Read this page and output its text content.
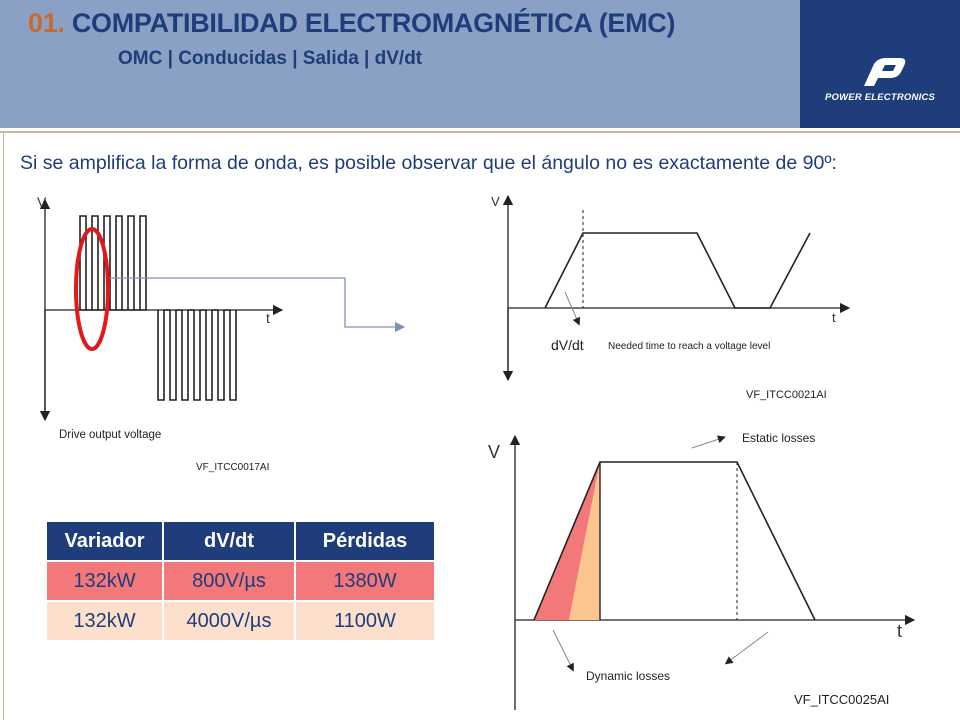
01. COMPATIBILIDAD ELECTROMAGNÉTICA (EMC)
OMC | Conducidas | Salida | dV/dt
POWER ELECTRONICS
Si se amplifica la forma de onda, es posible observar que el ángulo no es exactamente de 90º:
V
t
Drive output voltage
VF_ITCC0017AI
V
t
dV/dt Needed time to reach a voltage level
VF_ITCC0021AI
V
t
Estatic losses
Dynamic losses
VF_ITCC0025AI
Variador	dV/dt	Pérdidas
132kW	800V/µs	1380W
132kW	4000V/µs	1100W
